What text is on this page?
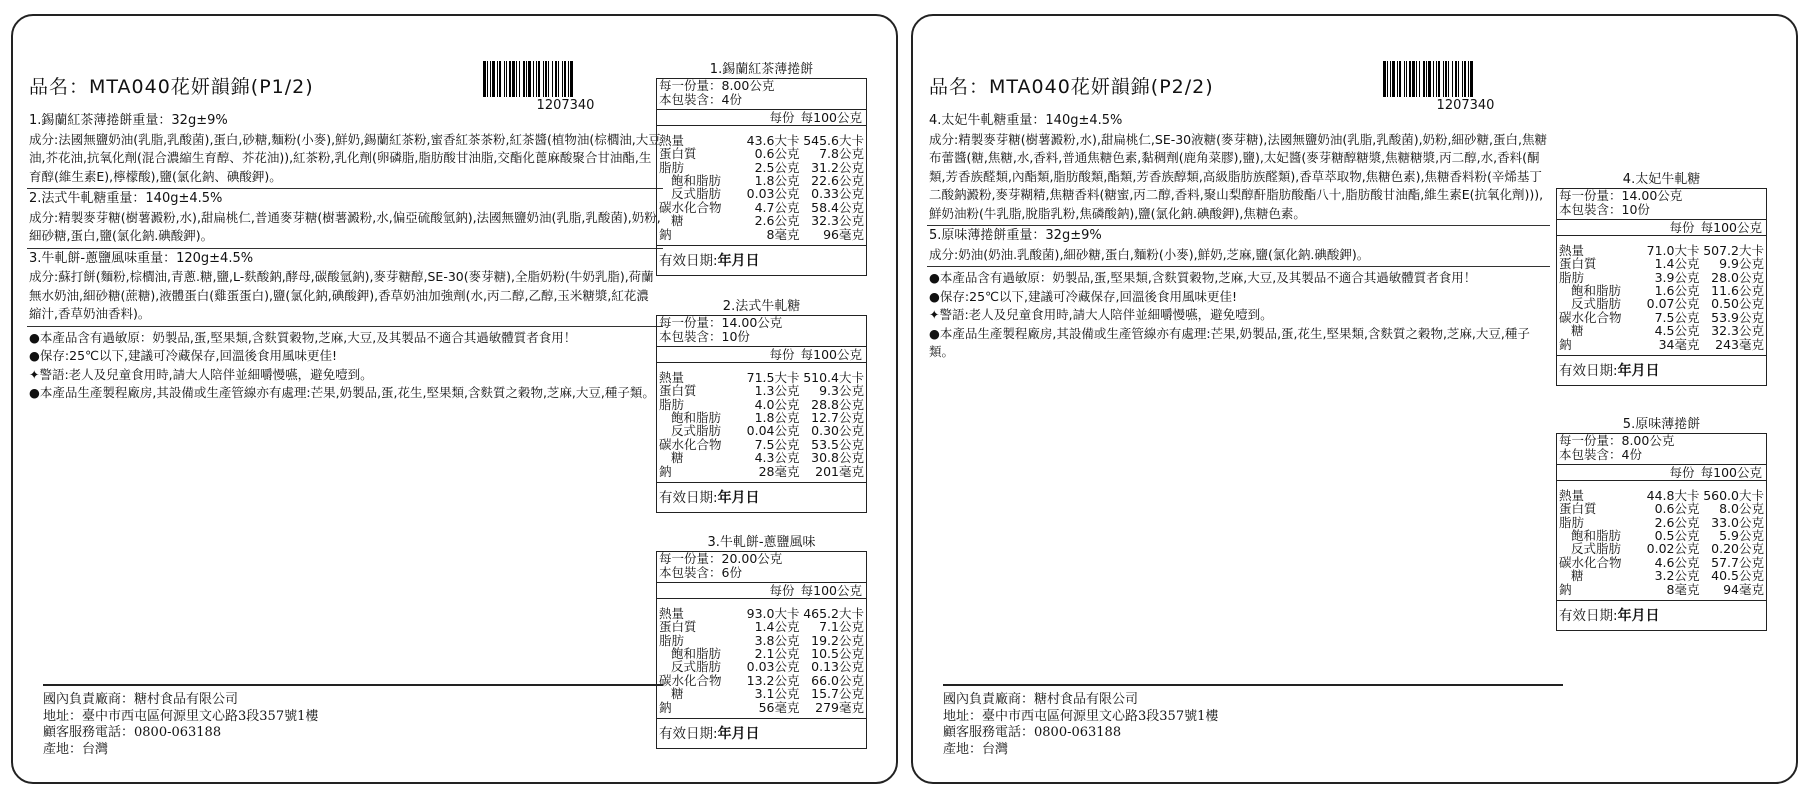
品名：MTA040花妍韻錦(P1/2)
1207340
1.錫蘭紅茶薄捲餅重量：32g±9%
成分:法國無鹽奶油(乳脂,乳酸菌),蛋白,砂糖,麵粉(小麥),鮮奶,錫蘭紅茶粉,蜜香紅茶茶粉,紅茶醬(植物油(棕櫚油,大豆油,芥花油,抗氧化劑(混合濃縮生育醇、芥花油)),紅茶粉,乳化劑(卵磷脂,脂肪酸甘油脂,交酯化蓖麻酸聚合甘油酯,生育醇(維生素E),檸檬酸),鹽(氯化鈉、碘酸鉀)。
2.法式牛軋糖重量：140g±4.5%
成分:精製麥芽糖(樹薯澱粉,水),甜扁桃仁,普通麥芽糖(樹薯澱粉,水,偏亞硫酸氫鈉),法國無鹽奶油(乳脂,乳酸菌),奶粉,細砂糖,蛋白,鹽(氯化鈉.碘酸鉀)。
3.牛軋餅-蔥鹽風味重量：120g±4.5%
成分:蘇打餅(麵粉,棕櫚油,青蔥.糖,鹽,L-麩酸鈉,酵母,碳酸氫鈉),麥芽糖醇,SE-30(麥芽糖),全脂奶粉(牛奶乳脂),荷蘭無水奶油,細砂糖(蔗糖),液體蛋白(雞蛋蛋白),鹽(氯化鈉,碘酸鉀),香草奶油加強劑(水,丙二醇,乙醇,玉米糖漿,紅花濃縮汁,香草奶油香料)。
●本產品含有過敏原：奶製品,蛋,堅果類,含麩質穀物,芝麻,大豆,及其製品不適合其過敏體質者食用！
●保存:25℃以下,建議可冷藏保存,回溫後食用風味更佳!
✦警語:老人及兒童食用時,請大人陪伴並細嚼慢嚥，避免噎到。
●本產品生產製程廠房,其設備或生產管線亦有處理:芒果,奶製品,蛋,花生,堅果類,含麩質之穀物,芝麻,大豆,種子類。
1.錫蘭紅茶薄捲餅
每一份量：8.00公克
本包裝含：4份
每份 每100公克
熱量	43.6大卡 545.6大卡
蛋白質	0.6公克	7.8公克
脂肪	2.5公克 31.2公克
飽和脂肪	1.8公克 22.6公克
反式脂肪	0.03公克 0.33公克
碳水化合物	4.7公克 58.4公克
糖	2.6公克 32.3公克
鈉	8毫克	96毫克
有效日期:年月日
2.法式牛軋糖
每一份量：14.00公克
本包裝含：10份
每份 每100公克
熱量	71.5大卡 510.4大卡
蛋白質	1.3公克	9.3公克
脂肪	4.0公克 28.8公克
飽和脂肪	1.8公克 12.7公克
反式脂肪	0.04公克 0.30公克
碳水化合物	7.5公克 53.5公克
糖	4.3公克 30.8公克
鈉	28毫克	201毫克
有效日期:年月日
3.牛軋餅-蔥鹽風味
每一份量：20.00公克
本包裝含：6份
每份 每100公克
熱量	93.0大卡 465.2大卡
蛋白質	1.4公克	7.1公克
脂肪	3.8公克 19.2公克
飽和脂肪	2.1公克 10.5公克
反式脂肪	0.03公克 0.13公克
碳水化合物	13.2公克 66.0公克
糖	3.1公克 15.7公克
鈉	56毫克	279毫克
有效日期:年月日
國內負責廠商：糖村食品有限公司
地址：臺中市西屯區何源里文心路3段357號1樓
顧客服務電話：0800-063188
產地：台灣
品名：MTA040花妍韻錦(P2/2)
1207340
4.太妃牛軋糖重量：140g±4.5%
成分:精製麥芽糖(樹薯澱粉,水),甜扁桃仁,SE-30液糖(麥芽糖),法國無鹽奶油(乳脂,乳酸菌),奶粉,細砂糖,蛋白,焦糖布蕾醬(糖,焦糖,水,香料,普通焦糖色素,黏稠劑(鹿角菜膠),鹽),太妃醬(麥芽糖醇糖漿,焦糖糖漿,丙二醇,水,香料(酮類,芳香族醛類,內酯類,脂肪酸類,酯類,芳香族醇類,高級脂肪族醛類),香草萃取物,焦糖色素),焦糖香料粉(辛烯基丁二酸鈉澱粉,麥芽糊精,焦糖香料(糖蜜,丙二醇,香料,聚山梨醇酐脂肪酸酯八十,脂肪酸甘油酯,維生素E(抗氧化劑))),鮮奶油粉(牛乳脂,脫脂乳粉,焦磷酸鈉),鹽(氯化鈉.碘酸鉀),焦糖色素。
5.原味薄捲餅重量：32g±9%
成分:奶油(奶油.乳酸菌),細砂糖,蛋白,麵粉(小麥),鮮奶,芝麻,鹽(氯化鈉.碘酸鉀)。
●本產品含有過敏原：奶製品,蛋,堅果類,含麩質穀物,芝麻,大豆,及其製品不適合其過敏體質者食用！
●保存:25℃以下,建議可冷藏保存,回溫後食用風味更佳!
✦警語:老人及兒童食用時,請大人陪伴並細嚼慢嚥，避免噎到。
●本產品生產製程廠房,其設備或生產管線亦有處理:芒果,奶製品,蛋,花生,堅果類,含麩質之穀物,芝麻,大豆,種子類。
4.太妃牛軋糖
每一份量：14.00公克
本包裝含：10份
每份 每100公克
熱量	71.0大卡 507.2大卡
蛋白質	1.4公克	9.9公克
脂肪	3.9公克 28.0公克
飽和脂肪	1.6公克 11.6公克
反式脂肪	0.07公克 0.50公克
碳水化合物	7.5公克 53.9公克
糖	4.5公克 32.3公克
鈉	34毫克	243毫克
有效日期:年月日
5.原味薄捲餅
每一份量：8.00公克
本包裝含：4份
每份 每100公克
熱量	44.8大卡 560.0大卡
蛋白質	0.6公克	8.0公克
脂肪	2.6公克 33.0公克
飽和脂肪	0.5公克	5.9公克
反式脂肪	0.02公克 0.20公克
碳水化合物	4.6公克 57.7公克
糖	3.2公克 40.5公克
鈉	8毫克	94毫克
有效日期:年月日
國內負責廠商：糖村食品有限公司
地址：臺中市西屯區何源里文心路3段357號1樓
顧客服務電話：0800-063188
產地：台灣
